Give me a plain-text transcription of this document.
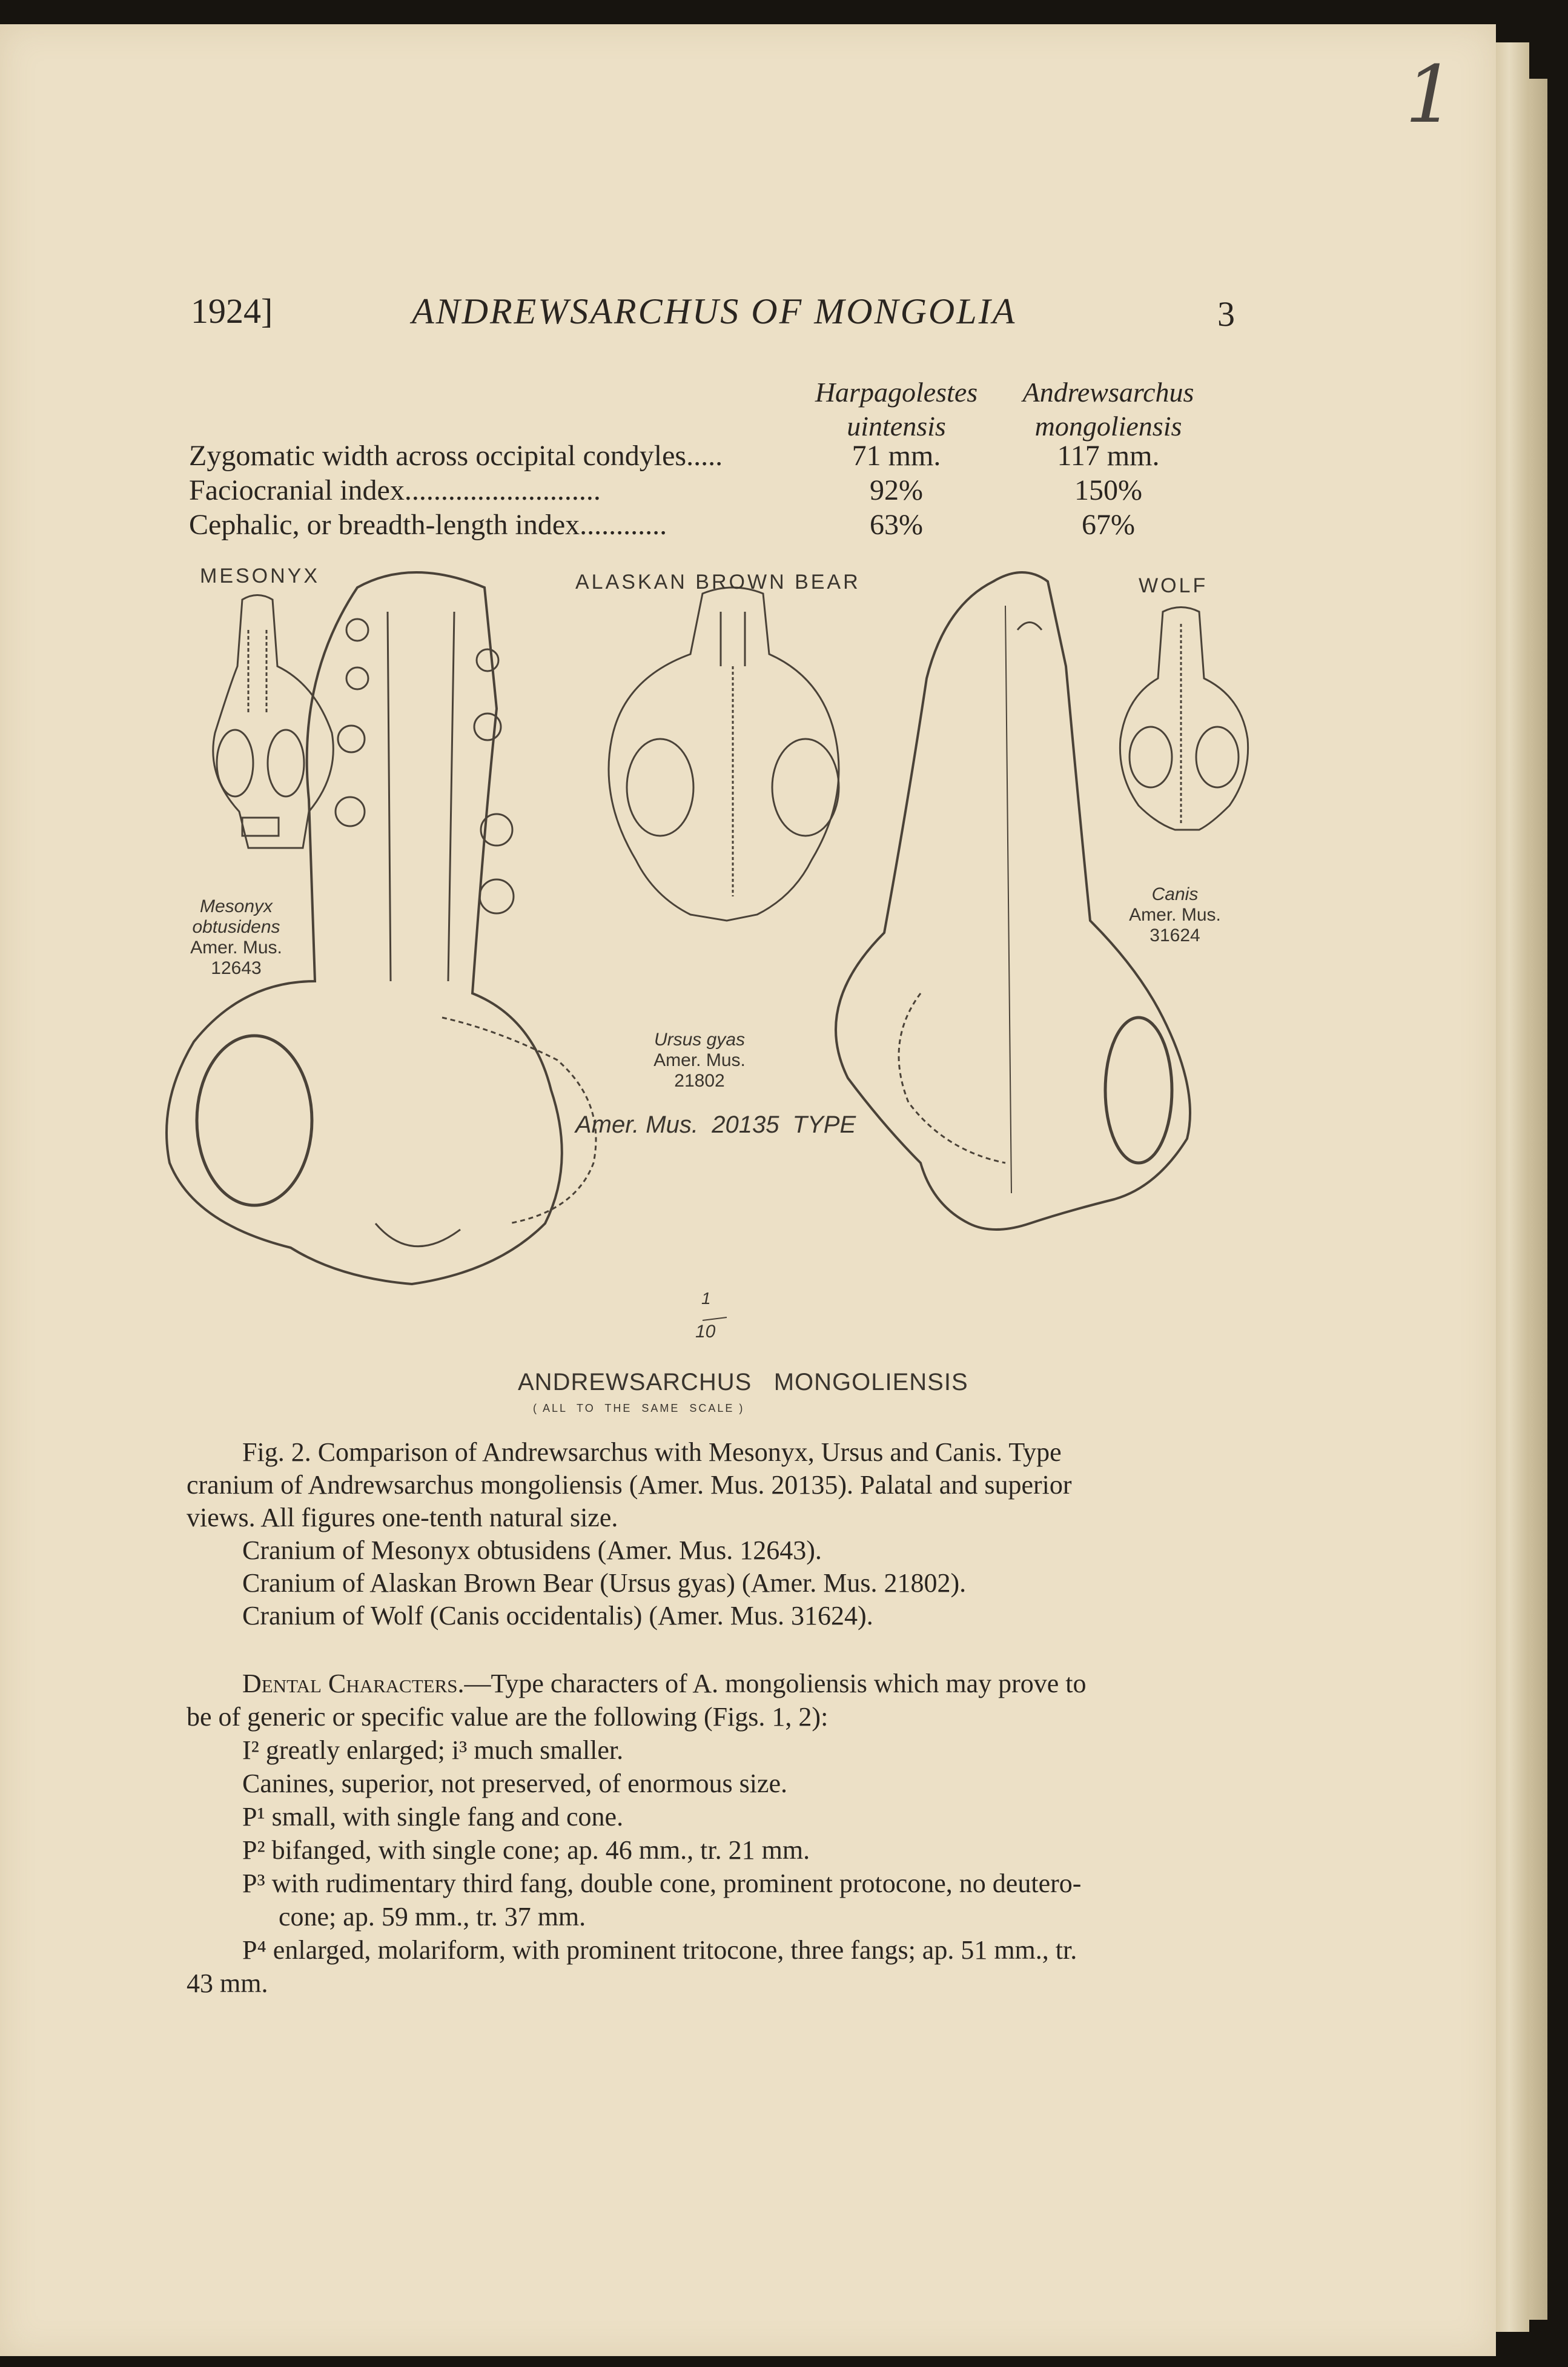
1
1924]	ANDREWSARCHUS OF MONGOLIA	3
Harpagolestes
uintensis
Andrewsarchus
mongoliensis
Zygomatic width across occipital condyles.....	71 mm.	117 mm.
Faciocranial index...........................	92%	150%
Cephalic, or breadth-length index............	63%	67%
MESONYX
Mesonyx obtusidens
Amer. Mus. 12643
ALASKAN BROWN BEAR
Ursus gyas
Amer. Mus. 21802
WOLF
Canis
Amer. Mus. 31624
Amer. Mus.  20135  TYPE
1
10
ANDREWSARCHUS   MONGOLIENSIS
( ALL  TO  THE  SAME  SCALE )
Fig. 2. Comparison of Andrewsarchus with Mesonyx, Ursus and Canis. Type
cranium of Andrewsarchus mongoliensis (Amer. Mus. 20135). Palatal and superior
views. All figures one-tenth natural size.
Cranium of Mesonyx obtusidens (Amer. Mus. 12643).
Cranium of Alaskan Brown Bear (Ursus gyas) (Amer. Mus. 21802).
Cranium of Wolf (Canis occidentalis) (Amer. Mus. 31624).
Dental Characters.—Type characters of A. mongoliensis which may prove to
be of generic or specific value are the following (Figs. 1, 2):
I² greatly enlarged; i³ much smaller.
Canines, superior, not preserved, of enormous size.
P¹ small, with single fang and cone.
P² bifanged, with single cone; ap. 46 mm., tr. 21 mm.
P³ with rudimentary third fang, double cone, prominent protocone, no deutero-
cone; ap. 59 mm., tr. 37 mm.
P⁴ enlarged, molariform, with prominent tritocone, three fangs; ap. 51 mm., tr.
43 mm.
